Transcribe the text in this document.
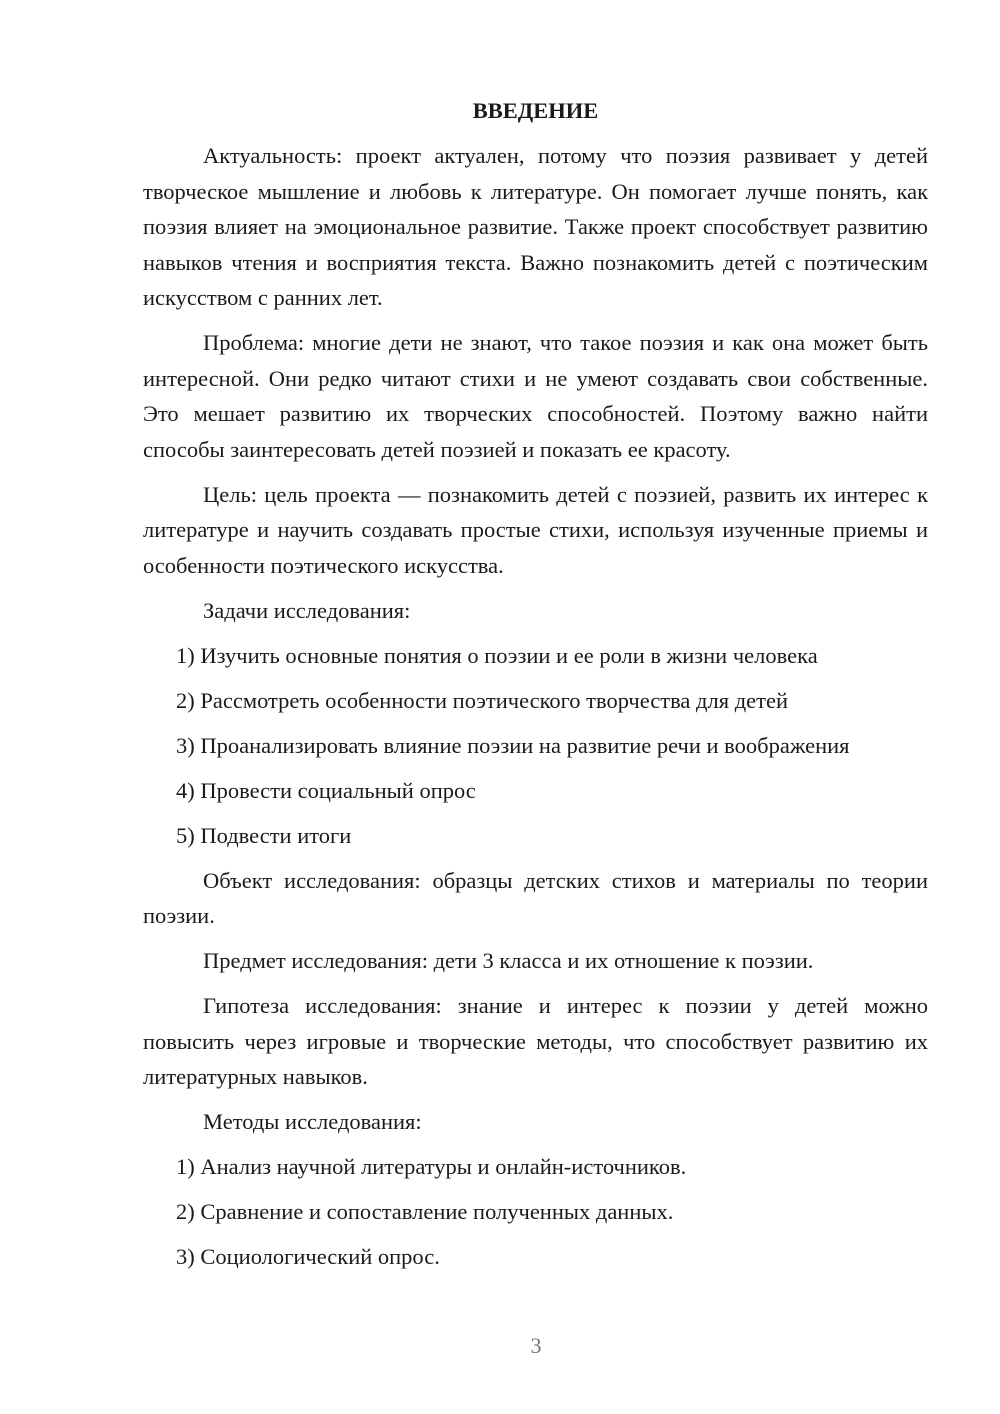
ВВЕДЕНИЕ

Актуальность: проект актуален, потому что поэзия развивает у детей творческое мышление и любовь к литературе. Он помогает лучше понять, как поэзия влияет на эмоциональное развитие. Также проект способствует развитию навыков чтения и восприятия текста. Важно познакомить детей с поэтическим искусством с ранних лет.

Проблема: многие дети не знают, что такое поэзия и как она может быть интересной. Они редко читают стихи и не умеют создавать свои собственные. Это мешает развитию их творческих способностей. Поэтому важно найти способы заинтересовать детей поэзией и показать ее красоту.

Цель: цель проекта — познакомить детей с поэзией, развить их интерес к литературе и научить создавать простые стихи, используя изученные приемы и особенности поэтического искусства.

Задачи исследования:

1) Изучить основные понятия о поэзии и ее роли в жизни человека

2) Рассмотреть особенности поэтического творчества для детей

3) Проанализировать влияние поэзии на развитие речи и воображения

4) Провести социальный опрос

5) Подвести итоги

Объект исследования: образцы детских стихов и материалы по теории поэзии.

Предмет исследования: дети 3 класса и их отношение к поэзии.

Гипотеза исследования: знание и интерес к поэзии у детей можно повысить через игровые и творческие методы, что способствует развитию их литературных навыков.

Методы исследования:

1) Анализ научной литературы и онлайн-источников.

2) Сравнение и сопоставление полученных данных.

3) Социологический опрос.

3
